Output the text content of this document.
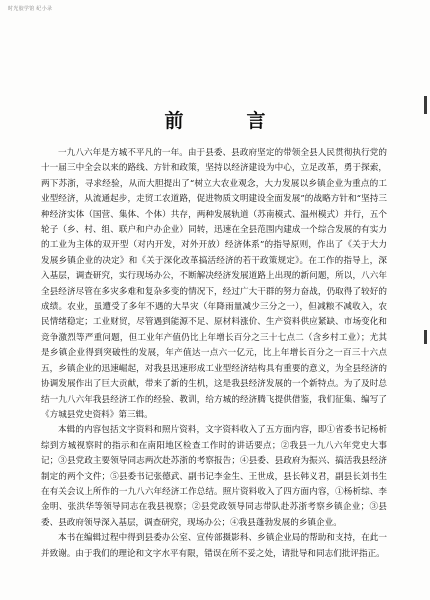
时光胶学馆 纪小录
前　言

一九八六年是方城不平凡的一年。由于县委、县政府坚定的带领全县人民贯彻执行党的十一届三中全会以来的路线、方针和政策，坚持以经济建设为中心，立足改革，勇于探索，两下苏浙，寻求经验，从而大胆提出了“树立大农业观念，大力发展以乡镇企业为重点的工业型经济，从流通起步，走贸工农道路，促进物质文明建设全面发展”的战略方针和“坚持三种经济实体（国营、集体、个体）共存，两种发展轨道（苏南模式、温州模式）并行，五个轮子（乡、村、组、联户和户办企业）同转，迅速在全县范围内建成一个综合发展的有实力的工业为主体的双开型（对内开发，对外开放）经济体系”的指导原则，作出了《关于大力发展乡镇企业的决定》和《关于深化改革搞活经济的若干政策规定》。在工作的指导上，深入基层，调查研究，实行现场办公，不断解决经济发展道路上出现的新问题，所以，八六年全县经济尽管在多灾多难和复杂多变的情况下，经过广大干群的努力奋战，仍取得了较好的成绩。农业，虽遭受了多年不遇的大旱灾（年降雨量减少三分之一），但减粮不减收入，农民情绪稳定；工业财贸，尽管遇到能源不足、原材料涨价、生产资料供应紧缺、市场变化和竞争激烈等严重问题，但工业年产值仍比上年增长百分之三十七点二（含乡村工业）；尤其是乡镇企业得到突破性的发展，年产值达一点六一亿元，比上年增长百分之一百三十六点五，乡镇企业的迅速崛起，对我县迅速形成工业型经济结构具有重要的意义，为全县经济的协调发展作出了巨大贡献，带来了新的生机，这是我县经济发展的一个新特点。为了及时总结一九八六年我县经济工作的经验、教训，给方城的经济腾飞提供借鉴，我们征集、编写了《方城县党史资料》第三辑。

本辑的内容包括文字资料和照片资料，文字资料收入了五方面内容，即①省委书记杨析综到方城视察时的指示和在南阳地区检查工作时的讲话要点；②我县一九八六年党史大事记；③县党政主要领导同志两次赴苏浙的考察报告；④县委、县政府为振兴、搞活我县经济制定的两个文件；⑤县委书记张德武、副书记李金生、王世成，县长韩义君，副县长刘书生在有关会议上所作的一九八六年经济工作总结。照片资料收入了四方面内容，①杨析综、李金明、张洪华等领导同志在我县视察；②县党政领导同志带队赴苏浙考察乡镇企业；③县委、县政府领导深入基层，调查研究，现场办公；④我县蓬勃发展的乡镇企业。

本书在编辑过程中得到县委办公室、宣传部摄影科、乡镇企业局的帮助和支持，在此一并致谢。由于我们的理论和文字水平有限，错误在所不妥之处，请批导和同志们批评指正。
